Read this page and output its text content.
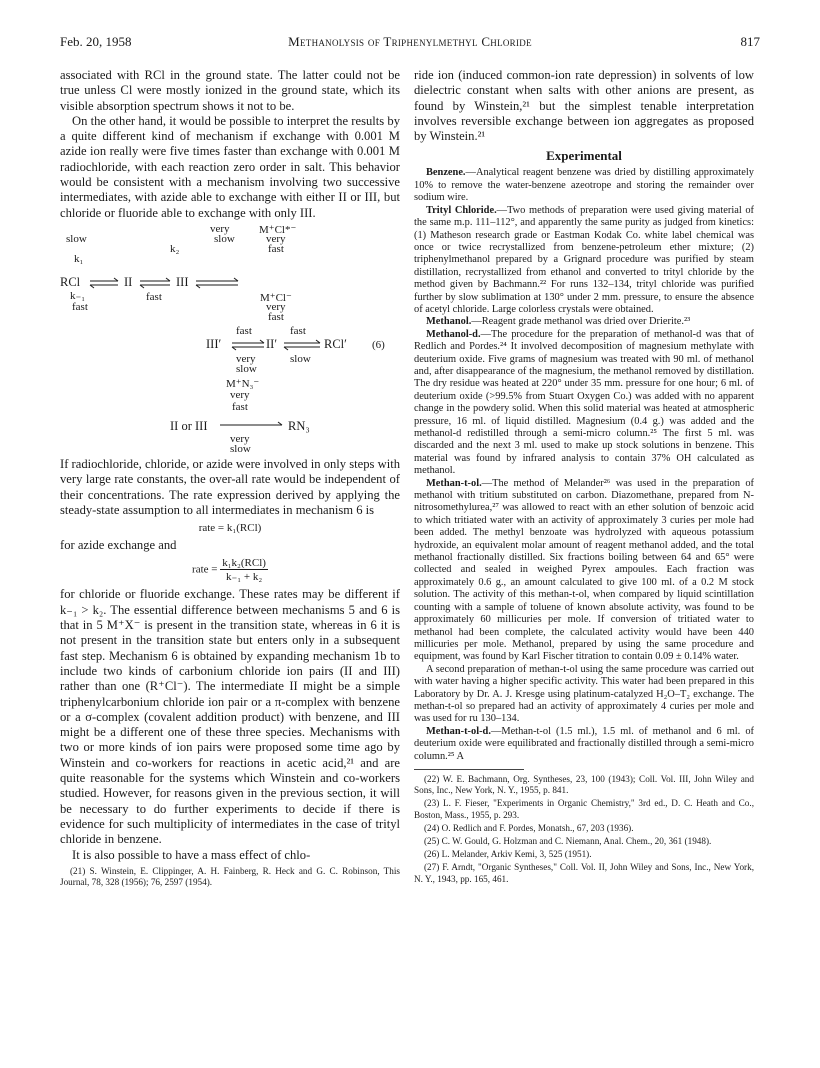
Feb. 20, 1958	Methanolysis of Triphenylmethyl Chloride	817

associated with RCl in the ground state. The latter could not be true unless Cl were mostly ionized in the ground state, which its visible absorption spectrum shows it not to be.

On the other hand, it would be possible to interpret the results by a quite different kind of mechanism if exchange with 0.001 M azide ion really were five times faster than exchange with 0.001 M radiochloride, with each reaction zero order in salt. This behavior would be consistent with a mechanism involving two successive intermediates, with azide able to exchange with either II or III, but chloride or fluoride able to exchange with only III.

very
slow
M⁺Cl*⁻
very
fast
slow
k₁
k₂
RCl	II	III
k₋₁
fast
fast	M⁺Cl⁻
very
fast
fast	fast
III′	II′	RCl′ (6)
very
slow
slow
M⁺N₃⁻
very
fast
II or III	RN₃
very
slow

If radiochloride, chloride, or azide were involved in only steps with very large rate constants, the over-all rate would be independent of their concentrations. The rate expression derived by applying the steady-state assumption to all intermediates in mechanism 6 is

rate = k₁(RCl)

for azide exchange and

rate = $\frac{\text{k₁k₂(RCl)}}{\text{k₋₁ + k₂}}$

for chloride or fluoride exchange. These rates may be different if k₋₁ > k₂. The essential difference between mechanisms 5 and 6 is that in 5 M⁺X⁻ is present in the transition state, whereas in 6 it is not present in the transition state but enters only in a subsequent fast step. Mechanism 6 is obtained by expanding mechanism 1b to include two kinds of carbonium chloride ion pairs (II and III) rather than one (R⁺Cl⁻). The intermediate II might be a simple triphenylcarbonium chloride ion pair or a π-complex with benzene or a σ-complex (covalent addition product) with benzene, and III might be a different one of these three species. Mechanisms with two or more kinds of ion pairs were proposed some time ago by Winstein and co-workers for reactions in acetic acid,²¹ and are quite reasonable for the systems which Winstein and co-workers studied. However, for reasons given in the previous section, it will be necessary to do further experiments to decide if there is evidence for such multiplicity of intermediates in the case of trityl chloride in benzene.

It is also possible to have a mass effect of chlo-

(21) S. Winstein, E. Clippinger, A. H. Fainberg, R. Heck and G. C. Robinson, This Journal, 78, 328 (1956); 76, 2597 (1954).

ride ion (induced common-ion rate depression) in solvents of low dielectric constant when salts with other anions are present, as found by Winstein,²¹ but the simplest tenable interpretation involves reversible exchange between ion aggregates as proposed by Winstein.²¹

Experimental

Benzene.—Analytical reagent benzene was dried by distilling approximately 10% to remove the water-benzene azeotrope and storing the remainder over sodium wire.

Trityl Chloride.—Two methods of preparation were used giving material of the same m.p. 111–112°, and apparently the same purity as judged from kinetics: (1) Matheson research grade or Eastman Kodak Co. white label chemical was once or twice recrystallized from benzene-petroleum ether mixture; (2) triphenylmethanol prepared by a Grignard procedure was purified by steam distillation, recrystallized from ethanol and converted to trityl chloride by the method given by Bachmann.²² For runs 132–134, trityl chloride was purified further by slow sublimation at 130° under 2 mm. pressure, to ensure the absence of acetyl chloride. Large colorless crystals were obtained.

Methanol.—Reagent grade methanol was dried over Drierite.²³

Methanol-d.—The procedure for the preparation of methanol-d was that of Redlich and Pordes.²⁴ It involved decomposition of magnesium methylate with deuterium oxide. Five grams of magnesium was treated with 90 ml. of methanol and, after disappearance of the magnesium, the methanol removed by distillation. The dry residue was heated at 220° under 35 mm. pressure for one hour; 6 ml. of deuterium oxide (>99.5% from Stuart Oxygen Co.) was added with no apparent change in the powdery solid. When this solid material was heated at atmospheric pressure, 16 ml. of liquid distilled. Magnesium (0.4 g.) was added and the methanol-d redistilled through a semi-micro column.²⁵ The first 5 ml. was discarded and the next 3 ml. used to make up stock solutions in benzene. This material was found by infrared analysis to contain 37% OH calculated as methanol.

Methan-t-ol.—The method of Melander²⁶ was used in the preparation of methanol with tritium substituted on carbon. Diazomethane, prepared from N-nitrosomethylurea,²⁷ was allowed to react with an ether solution of benzoic acid to which tritiated water with an activity of approximately 3 curies per mole had been added. The methyl benzoate was hydrolyzed with aqueous potassium hydroxide, an equivalent molar amount of reagent methanol added, and the total methanol fractionally distilled. Six fractions boiling between 64 and 65° were collected and sealed in weighed Pyrex ampoules. Each fraction was approximately 0.6 g., an amount calculated to give 100 ml. of a 0.2 M stock solution. The activity of this methan-t-ol, when compared by liquid scintillation counting with a sample of toluene of known absolute activity, was found to be approximately 60 millicuries per mole. If conversion of tritiated water to methanol had been complete, the calculated activity would have been 440 millicuries per mole. Methanol, prepared by using the same procedure and equipment, was found by Karl Fischer titration to contain 0.09 ± 0.14% water.

A second preparation of methan-t-ol using the same procedure was carried out with water having a higher specific activity. This water had been prepared in this Laboratory by Dr. A. J. Kresge using platinum-catalyzed H₂O–T₂ exchange. The methan-t-ol so prepared had an activity of approximately 4 curies per mole and was used for ru 130–134.

Methan-t-ol-d.—Methan-t-ol (1.5 ml.), 1.5 ml. of methanol and 6 ml. of deuterium oxide were equilibrated and fractionally distilled through a semi-micro column.²⁵ A

(22) W. E. Bachmann, Org. Syntheses, 23, 100 (1943); Coll. Vol. III, John Wiley and Sons, Inc., New York, N. Y., 1955, p. 841.

(23) L. F. Fieser, "Experiments in Organic Chemistry," 3rd ed., D. C. Heath and Co., Boston, Mass., 1955, p. 293.

(24) O. Redlich and F. Pordes, Monatsh., 67, 203 (1936).

(25) C. W. Gould, G. Holzman and C. Niemann, Anal. Chem., 20, 361 (1948).

(26) L. Melander, Arkiv Kemi, 3, 525 (1951).

(27) F. Arndt, "Organic Syntheses," Coll. Vol. II, John Wiley and Sons, Inc., New York, N. Y., 1943, pp. 165, 461.
